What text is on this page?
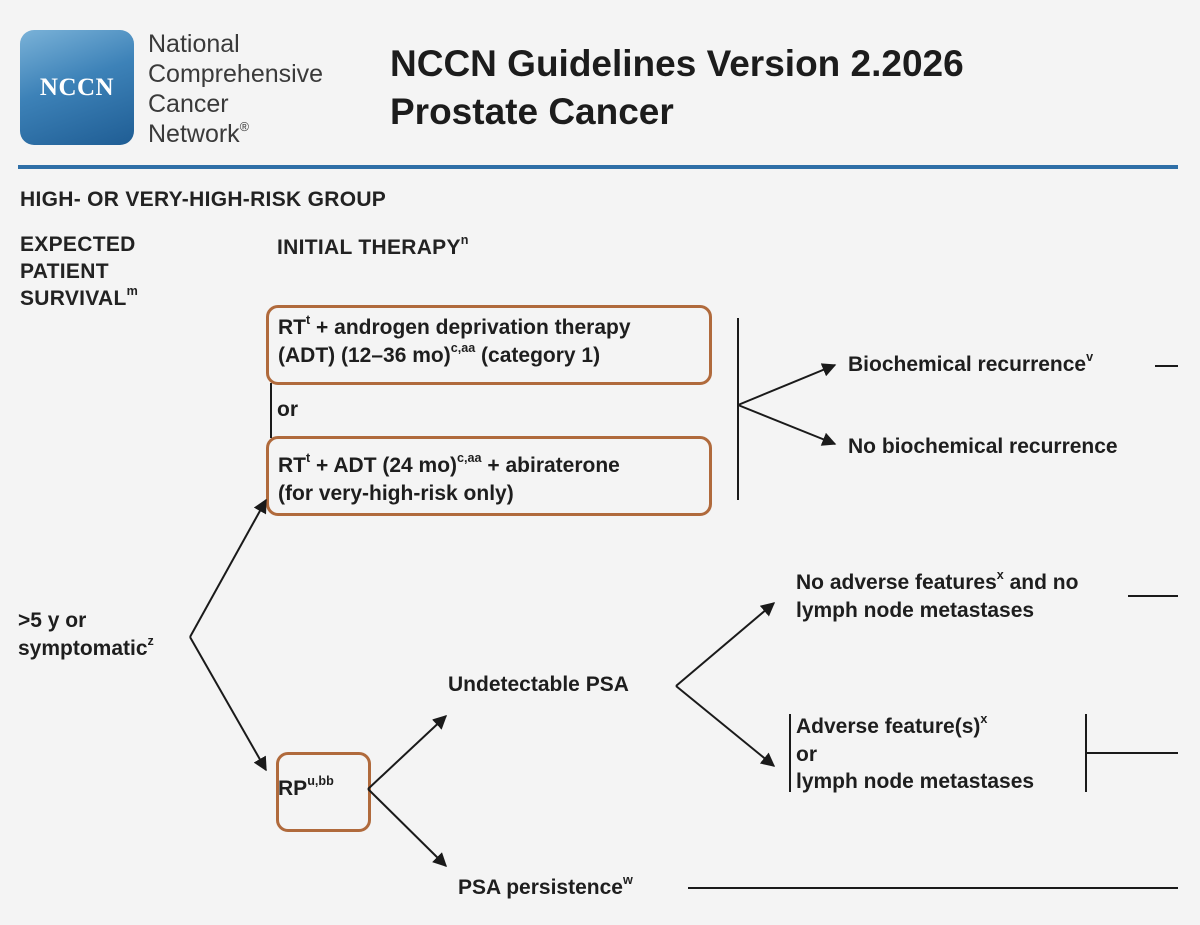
NCCN
National
Comprehensive
Cancer
Network®
NCCN Guidelines Version 2.2026
Prostate Cancer
HIGH- OR VERY-HIGH-RISK GROUP
EXPECTED
PATIENT
SURVIVAL$^m$
INITIAL THERAPY$^n$
$RT^t$ + androgen deprivation therapy
(ADT) (12–36 mo)$^{c,aa}$ (category 1)
or
$RT^t$ + ADT (24 mo)$^{c,aa}$ + abiraterone
(for very-high-risk only)
$RP^{u,bb}$
>5 y or
symptomatic$^z$
Biochemical recurrence$^v$
No biochemical recurrence
Undetectable PSA
PSA persistence$^w$
No adverse features$^x$ and no
lymph node metastases
Adverse $feature(s)^x$
or
lymph node metastases
